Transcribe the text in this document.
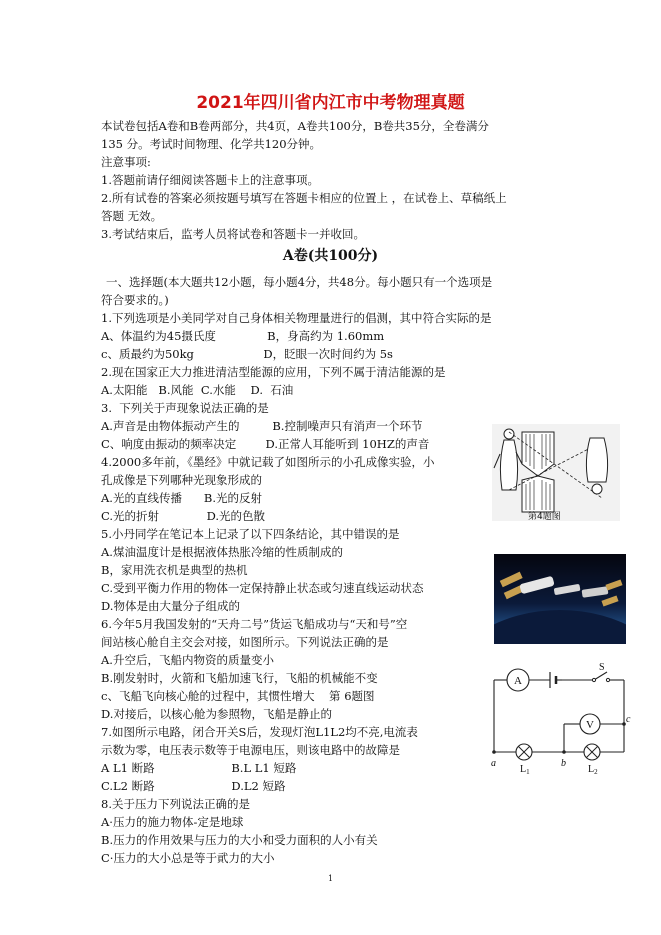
2021年四川省内江市中考物理真题
本试卷包括A卷和B卷两部分，共4页，A卷共100分，B卷共35分，全卷满分
135 分。考试时间物理、化学共120分钟。
注意事项:
1.答题前请仔细阅读答题卡上的注意事项。
2.所有试卷的答案必须按题号填写在答题卡相应的位置上 ，在试卷上、草稿纸上
答题 无效。
3.考试结束后，监考人员将试卷和答题卡一并收回。
A卷(共100分)
一、选择题(本大题共12小题，每小题4分，共48分。每小题只有一个选项是
符合要求的。)
1.下列选项是小美同学对自己身体相关物理量进行的倡测，其中符合实际的是
A、体温约为45摄氏度              B，身高约为 1.60mm
c、质最约为50kg                   D，眨眼一次时间约为 5s
2.现在国家正大力推进清洁型能源的应用，下列不属于清洁能源的是
A.太阳能   B.风能  C.水能    D.  石油
3.  下列关于声现象说法正确的是
A.声音是由物体振动产生的         B.控制噪声只有消声一个环节
C、响度由振动的频率决定        D.正常人耳能听到 10HZ的声音
4.2000多年前，《墨经》中就记载了如图所示的小孔成像实验，小
孔成像是下列哪种光现象形成的
A.光的直线传播      B.光的反射
C.光的折射             D.光的色散
5.小丹同学在笔记本上记录了以下四条结论，其中错误的是
A.煤油温度计是根据液体热胀冷缩的性质制成的
B，家用洗衣机是典型的热机
C.受到平衡力作用的物体一定保持静止状态或匀速直线运动状态
D.物体是由大量分子组成的
6.今年5月我国发射的“天舟二号”货运飞船成功与“天和号”空
间站核心舱自主交会对接，如图所示。下列说法正确的是
A.升空后，飞船内物资的质量变小
B.刚发射时，火箭和飞船加速飞行，飞船的机械能不变
c、飞船飞向核心舱的过程中，其惯性增大    第 6题图
D.对接后，以核心舱为参照物，飞船是静止的
7.如图所示电路，闭合开关S后，发现灯泡L1L2均不亮,电流表
示数为零，电压表示数等于电源电压，则该电路中的故障是
A L1 断路                     B.L L1 短路
C.L2 断路                     D.L2 短路
8.关于压力下列说法正确的是
A·压力的施力物体-定是地球
B.压力的作用效果与压力的大小和受力面积的人小有关
C·压力的大小总是等于貮力的大小
第4题图
S
A
V
a	b
c
$L_1$	$L_2$
1
